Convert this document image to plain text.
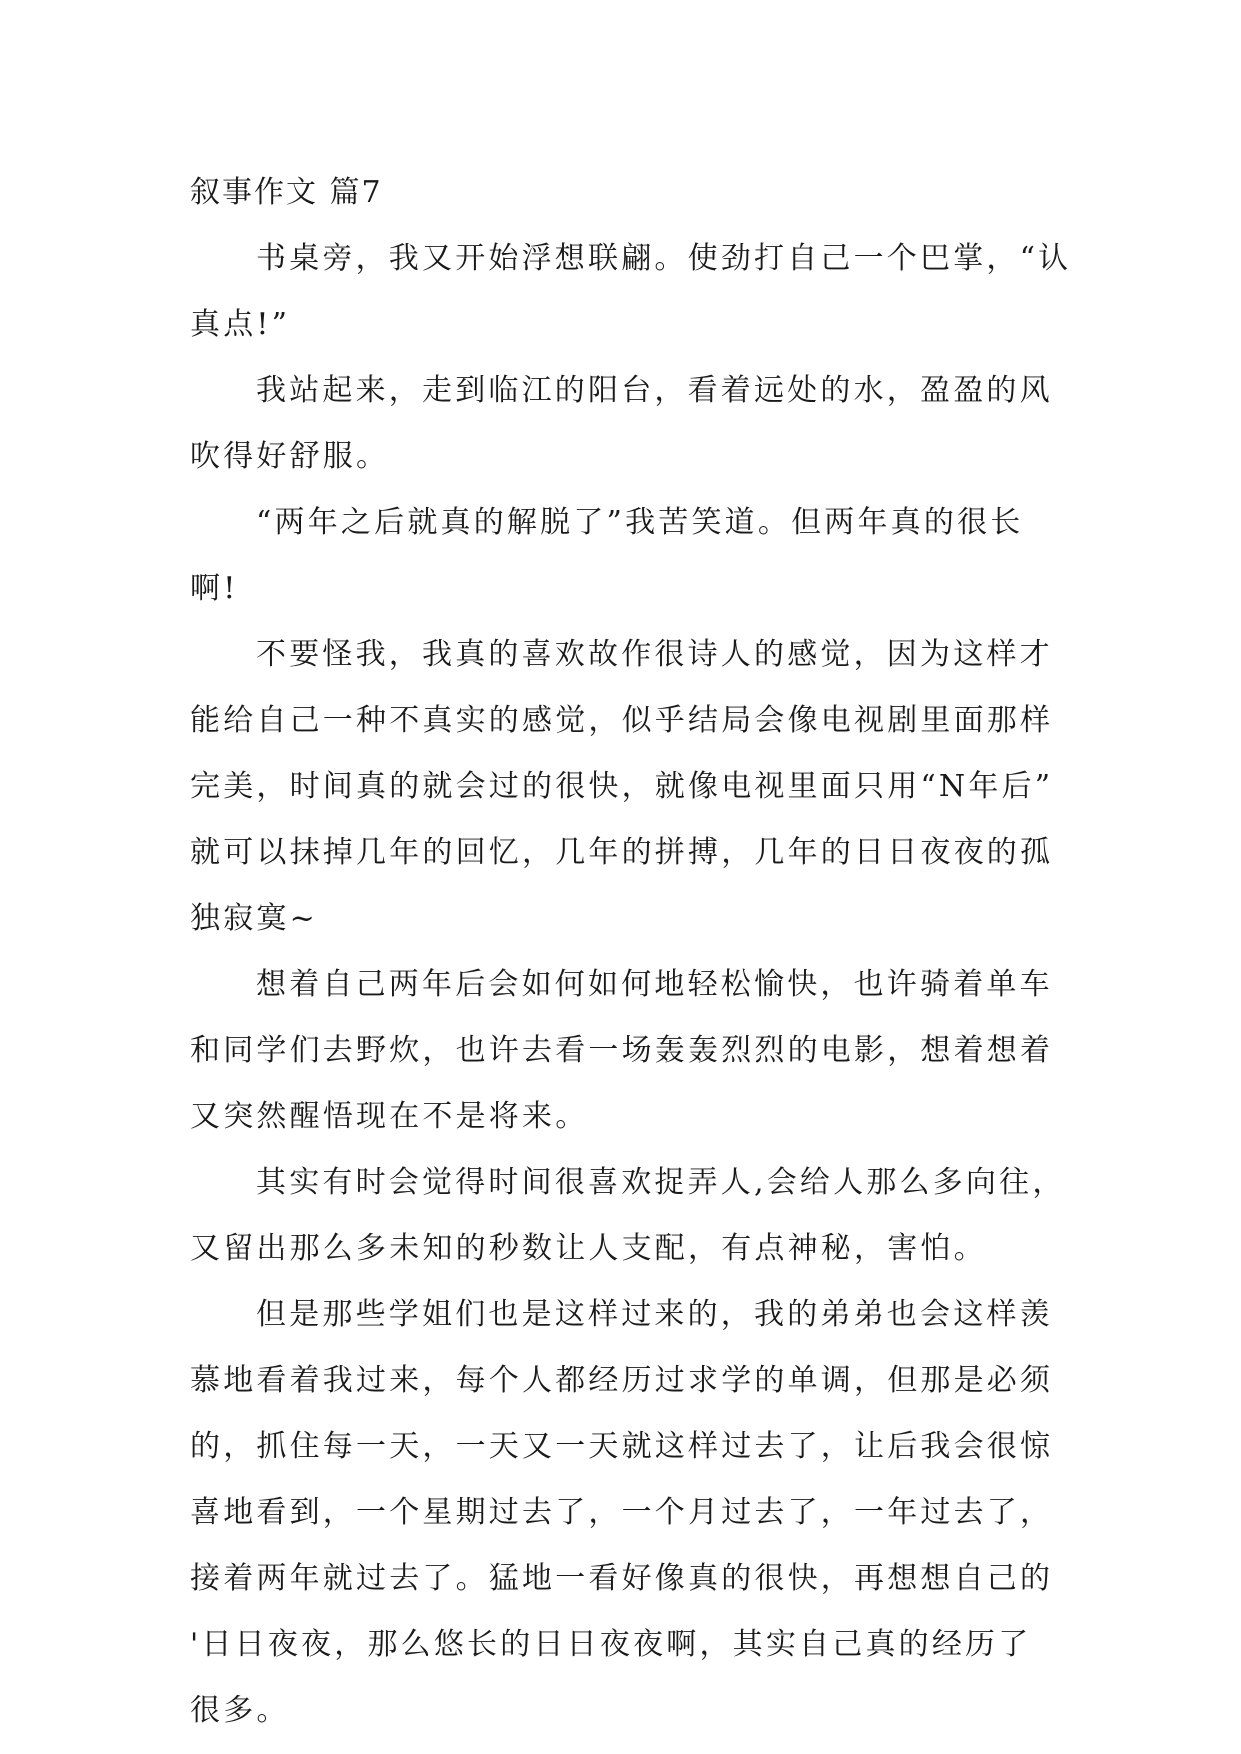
叙事作文 篇7
书桌旁，我又开始浮想联翩。使劲打自己一个巴掌，“认
真点!”
我站起来，走到临江的阳台，看着远处的水，盈盈的风
吹得好舒服。
“两年之后就真的解脱了”我苦笑道。但两年真的很长
啊!
不要怪我，我真的喜欢故作很诗人的感觉，因为这样才
能给自己一种不真实的感觉，似乎结局会像电视剧里面那样
完美，时间真的就会过的很快，就像电视里面只用“N年后”
就可以抹掉几年的回忆，几年的拼搏，几年的日日夜夜的孤
独寂寞~
想着自己两年后会如何如何地轻松愉快，也许骑着单车
和同学们去野炊，也许去看一场轰轰烈烈的电影，想着想着
又突然醒悟现在不是将来。
其实有时会觉得时间很喜欢捉弄人,会给人那么多向往，
又留出那么多未知的秒数让人支配，有点神秘，害怕。
但是那些学姐们也是这样过来的，我的弟弟也会这样羡
慕地看着我过来，每个人都经历过求学的单调，但那是必须
的，抓住每一天，一天又一天就这样过去了，让后我会很惊
喜地看到，一个星期过去了，一个月过去了，一年过去了，
接着两年就过去了。猛地一看好像真的很快，再想想自己的
'日日夜夜，那么悠长的日日夜夜啊，其实自己真的经历了
很多。
